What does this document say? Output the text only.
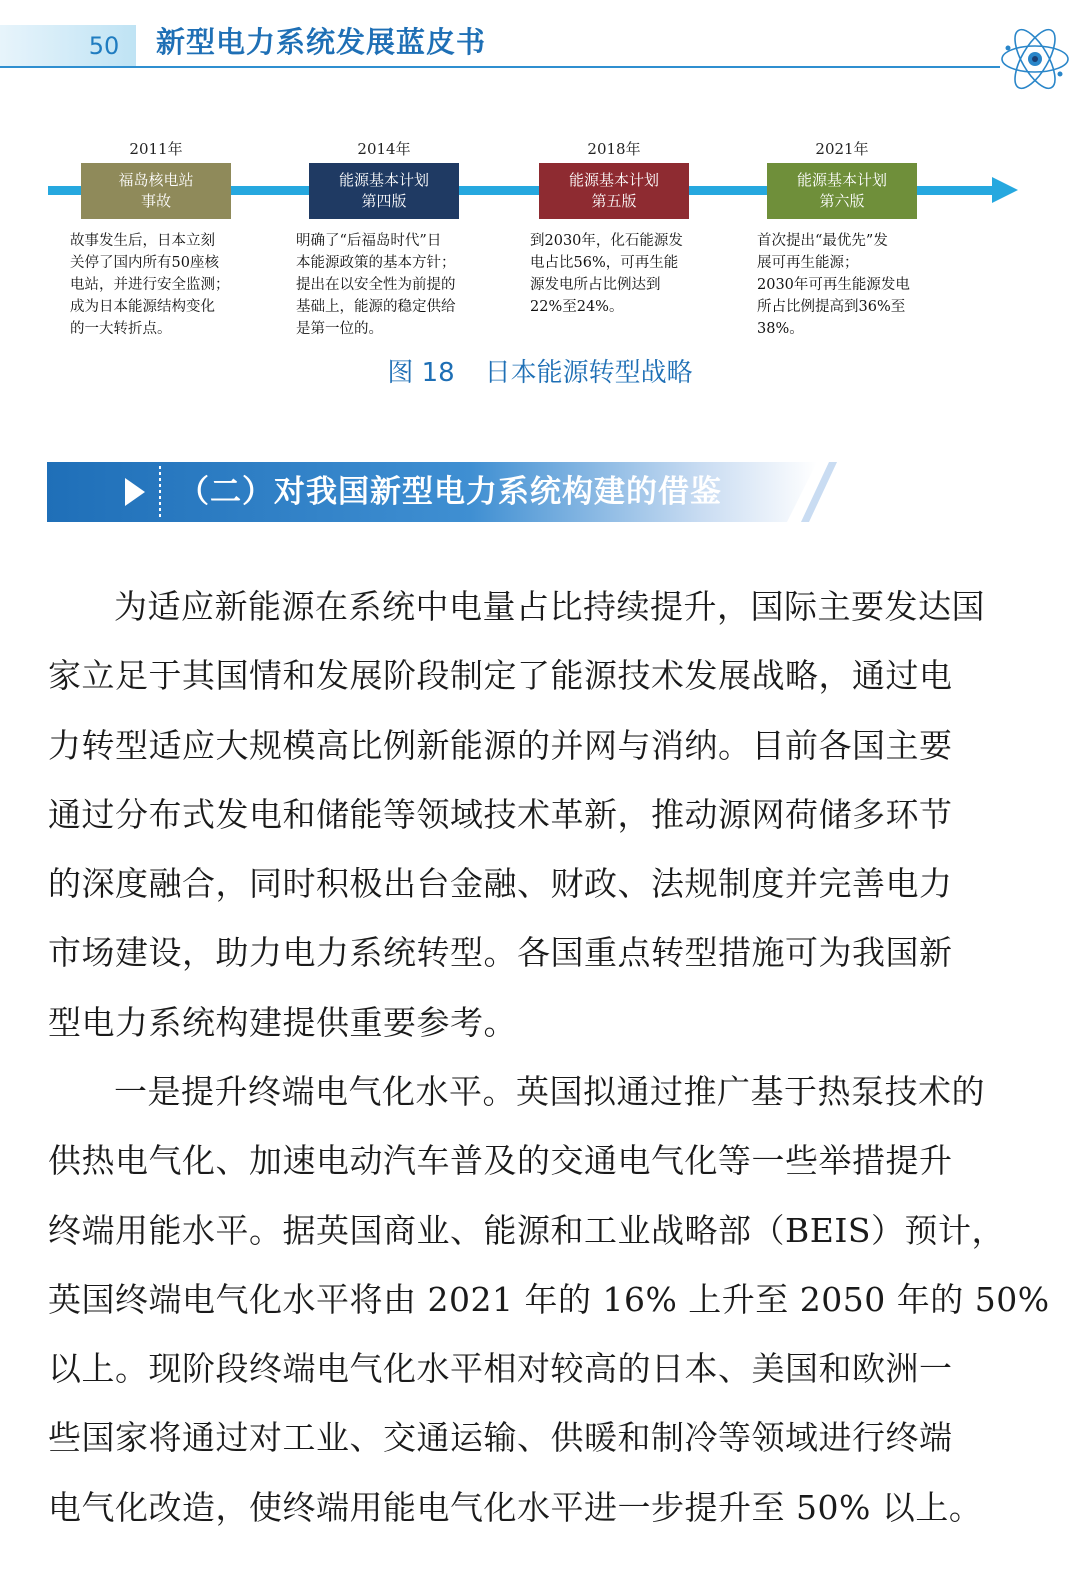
50	新型电力系统发展蓝皮书
2011年
福岛核电站
事故
故事发生后，日本立刻
关停了国内所有50座核
电站，并进行安全监测；
成为日本能源结构变化
的一大转折点。
2014年
能源基本计划
第四版
明确了“后福岛时代”日
本能源政策的基本方针；
提出在以安全性为前提的
基础上，能源的稳定供给
是第一位的。
2018年
能源基本计划
第五版
到2030年，化石能源发
电占比56%，可再生能
源发电所占比例达到
22%至24%。
2021年
能源基本计划
第六版
首次提出“最优先”发
展可再生能源；
2030年可再生能源发电
所占比例提高到36%至
38%。
图 18 日本能源转型战略
（二）对我国新型电力系统构建的借鉴
为适应新能源在系统中电量占比持续提升，国际主要发达国
家立足于其国情和发展阶段制定了能源技术发展战略，通过电
力转型适应大规模高比例新能源的并网与消纳。目前各国主要
通过分布式发电和储能等领域技术革新，推动源网荷储多环节
的深度融合，同时积极出台金融、财政、法规制度并完善电力
市场建设，助力电力系统转型。各国重点转型措施可为我国新
型电力系统构建提供重要参考。
一是提升终端电气化水平。英国拟通过推广基于热泵技术的
供热电气化、加速电动汽车普及的交通电气化等一些举措提升
终端用能水平。据英国商业、能源和工业战略部（BEIS）预计，
英国终端电气化水平将由 2021 年的 16% 上升至 2050 年的 50%
以上。现阶段终端电气化水平相对较高的日本、美国和欧洲一
些国家将通过对工业、交通运输、供暖和制冷等领域进行终端
电气化改造，使终端用能电气化水平进一步提升至 50% 以上。
